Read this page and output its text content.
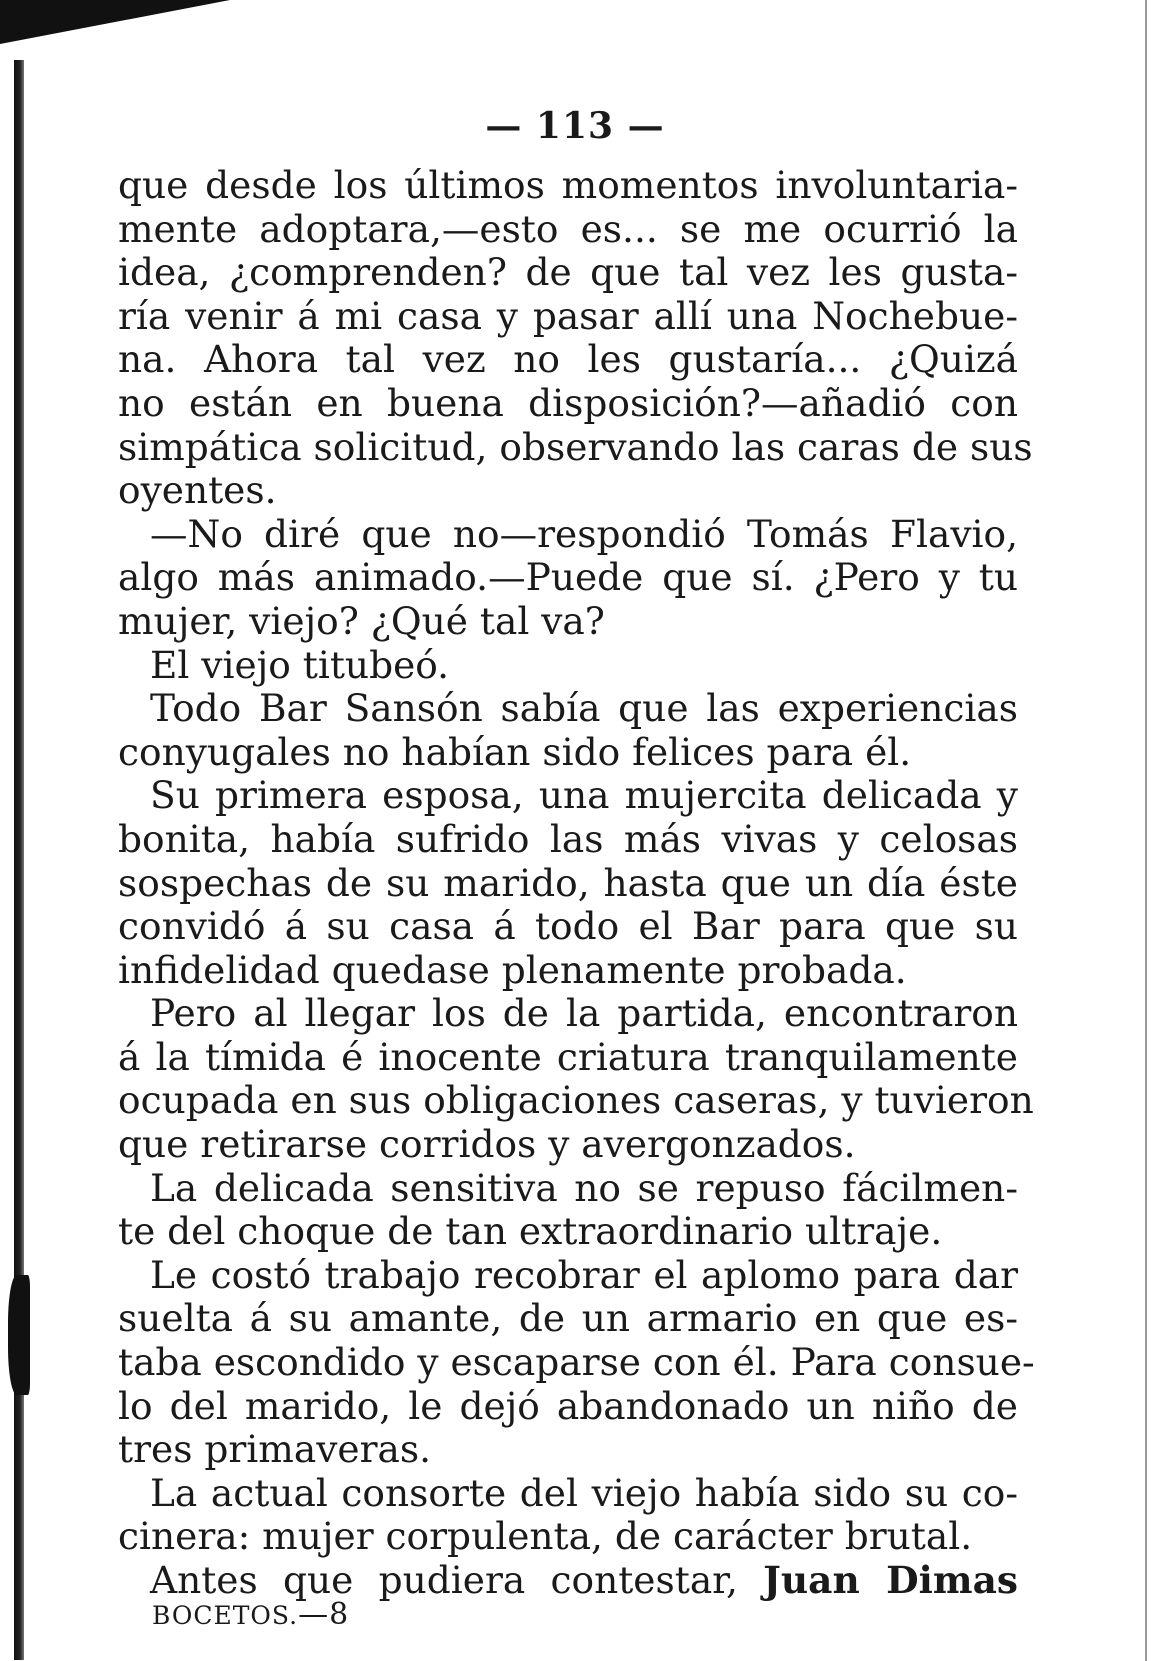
— 113 —

que desde los últimos momentos involuntaria-
mente adoptara,—esto es... se me ocurrió la
idea, ¿comprenden? de que tal vez les gusta-
ría venir á mi casa y pasar allí una Nochebue-
na. Ahora tal vez no les gustaría... ¿Quizá
no están en buena disposición?—añadió con
simpática solicitud, observando las caras de sus
oyentes.

—No diré que no—respondió Tomás Flavio,
algo más animado.—Puede que sí. ¿Pero y tu
mujer, viejo? ¿Qué tal va?

El viejo titubeó.

Todo Bar Sansón sabía que las experiencias
conyugales no habían sido felices para él.

Su primera esposa, una mujercita delicada y
bonita, había sufrido las más vivas y celosas
sospechas de su marido, hasta que un día éste
convidó á su casa á todo el Bar para que su
infidelidad quedase plenamente probada.

Pero al llegar los de la partida, encontraron
á la tímida é inocente criatura tranquilamente
ocupada en sus obligaciones caseras, y tuvieron
que retirarse corridos y avergonzados.

La delicada sensitiva no se repuso fácilmen-
te del choque de tan extraordinario ultraje.

Le costó trabajo recobrar el aplomo para dar
suelta á su amante, de un armario en que es-
taba escondido y escaparse con él. Para consue-
lo del marido, le dejó abandonado un niño de
tres primaveras.

La actual consorte del viejo había sido su co-
cinera: mujer corpulenta, de carácter brutal.

Antes que pudiera contestar, Juan Dimas

BOCETOS.—8
